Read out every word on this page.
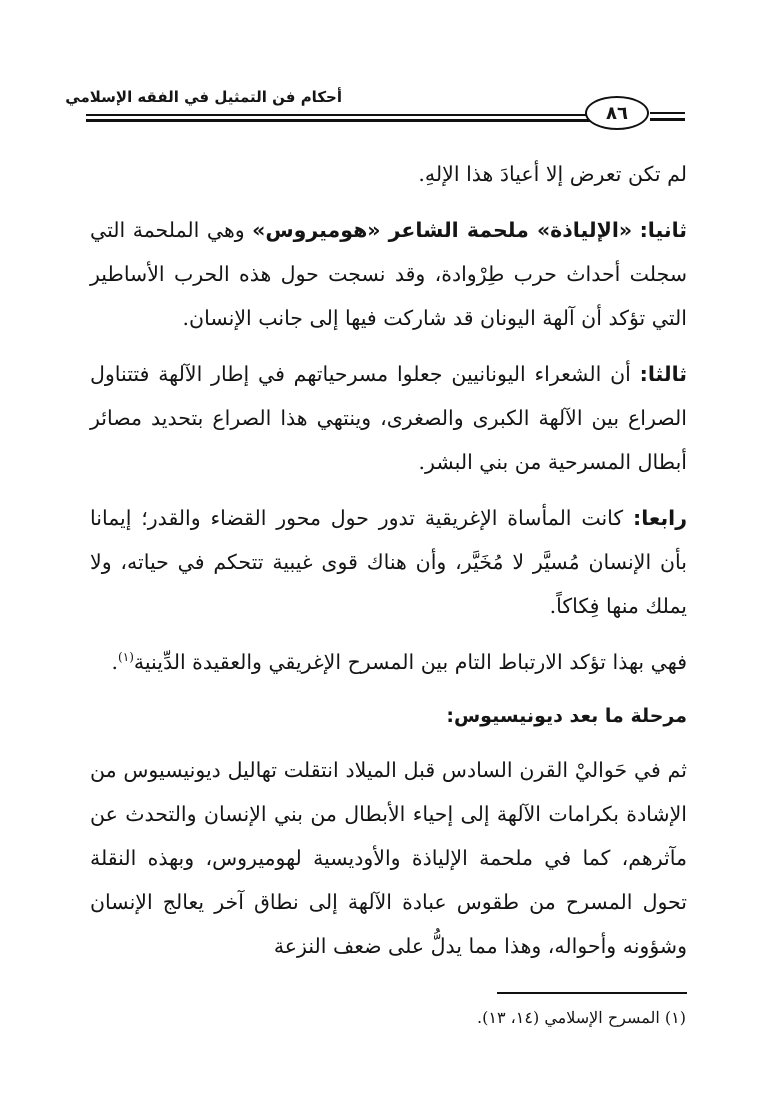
أحكام فن التمثيل في الفقه الإسلامي
٨٦

لم تكن تعرض إلا أعيادَ هذا الإلهِ.

ثانيا: «الإلياذة» ملحمة الشاعر «هوميروس» وهي الملحمة التي سجلت أحداث حرب طِرْوادة، وقد نسجت حول هذه الحرب الأساطير التي تؤكد أن آلهة اليونان قد شاركت فيها إلى جانب الإنسان.

ثالثا: أن الشعراء اليونانيين جعلوا مسرحياتهم في إطار الآلهة فتتناول الصراع بين الآلهة الكبرى والصغرى، وينتهي هذا الصراع بتحديد مصائر أبطال المسرحية من بني البشر.

رابعا: كانت المأساة الإغريقية تدور حول محور القضاء والقدر؛ إيمانا بأن الإنسان مُسيَّر لا مُخَيَّر، وأن هناك قوى غيبية تتحكم في حياته، ولا يملك منها فِكاكاً.

فهي بهذا تؤكد الارتباط التام بين المسرح الإغريقي والعقيدة الدِّينية$^{(١)}$.

مرحلة ما بعد ديونيسيوس:

ثم في حَواليْ القرن السادس قبل الميلاد انتقلت تهاليل ديونيسيوس من الإشادة بكرامات الآلهة إلى إحياء الأبطال من بني الإنسان والتحدث عن مآثرهم، كما في ملحمة الإلياذة والأوديسية لهوميروس، وبهذه النقلة تحول المسرح من طقوس عبادة الآلهة إلى نطاق آخر يعالج الإنسان وشؤونه وأحواله، وهذا مما يدلُّ على ضعف النزعة

(١) المسرح الإسلامي (١٤، ١٣).
